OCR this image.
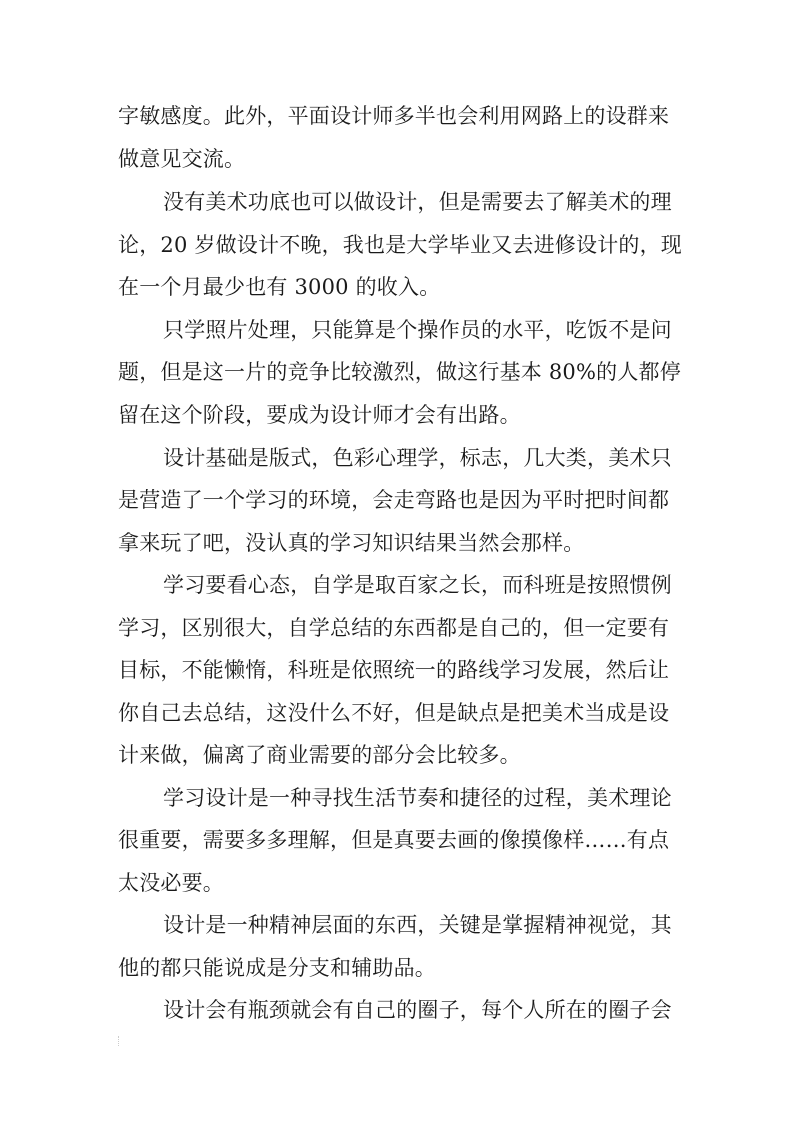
字敏感度。此外，平面设计师多半也会利用网路上的设群来
做意见交流。
没有美术功底也可以做设计，但是需要去了解美术的理
论，20 岁做设计不晚，我也是大学毕业又去进修设计的，现
在一个月最少也有 3000 的收入。
只学照片处理，只能算是个操作员的水平，吃饭不是问
题，但是这一片的竞争比较激烈，做这行基本 80%的人都停
留在这个阶段，要成为设计师才会有出路。
设计基础是版式，色彩心理学，标志，几大类，美术只
是营造了一个学习的环境，会走弯路也是因为平时把时间都
拿来玩了吧，没认真的学习知识结果当然会那样。
学习要看心态，自学是取百家之长，而科班是按照惯例
学习，区别很大，自学总结的东西都是自己的，但一定要有
目标，不能懒惰，科班是依照统一的路线学习发展，然后让
你自己去总结，这没什么不好，但是缺点是把美术当成是设
计来做，偏离了商业需要的部分会比较多。
学习设计是一种寻找生活节奏和捷径的过程，美术理论
很重要，需要多多理解，但是真要去画的像摸像样……有点
太没必要。
设计是一种精神层面的东西，关键是掌握精神视觉，其
他的都只能说成是分支和辅助品。
设计会有瓶颈就会有自己的圈子，每个人所在的圈子会
